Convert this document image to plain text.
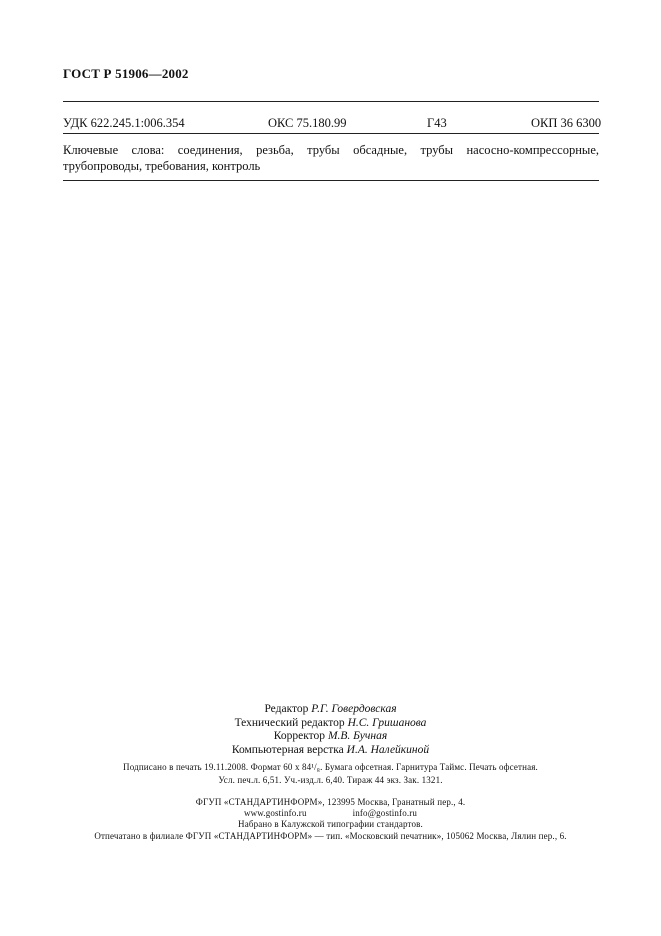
ГОСТ Р 51906—2002
УДК 622.245.1:006.354	ОКС 75.180.99	Г43	ОКП 36 6300
Ключевые слова: соединения, резьба, трубы обсадные, трубы насосно-компрессорные, трубопроводы, требования, контроль
Редактор Р.Г. Говердовская
Технический редактор Н.С. Гришанова
Корректор М.В. Бучная
Компьютерная верстка И.А. Налейкиной
Подписано в печать 19.11.2008. Формат 60 x 84¹/₈. Бумага офсетная. Гарнитура Таймс. Печать офсетная.
Усл. печ.л. 6,51. Уч.-изд.л. 6,40. Тираж 44 экз. Зак. 1321.
ФГУП «СТАНДАРТИНФОРМ», 123995 Москва, Гранатный пер., 4.
www.gostinfo.ru	info@gostinfo.ru
Набрано в Калужской типографии стандартов.
Отпечатано в филиале ФГУП «СТАНДАРТИНФОРМ» — тип. «Московский печатник», 105062 Москва, Лялин пер., 6.
